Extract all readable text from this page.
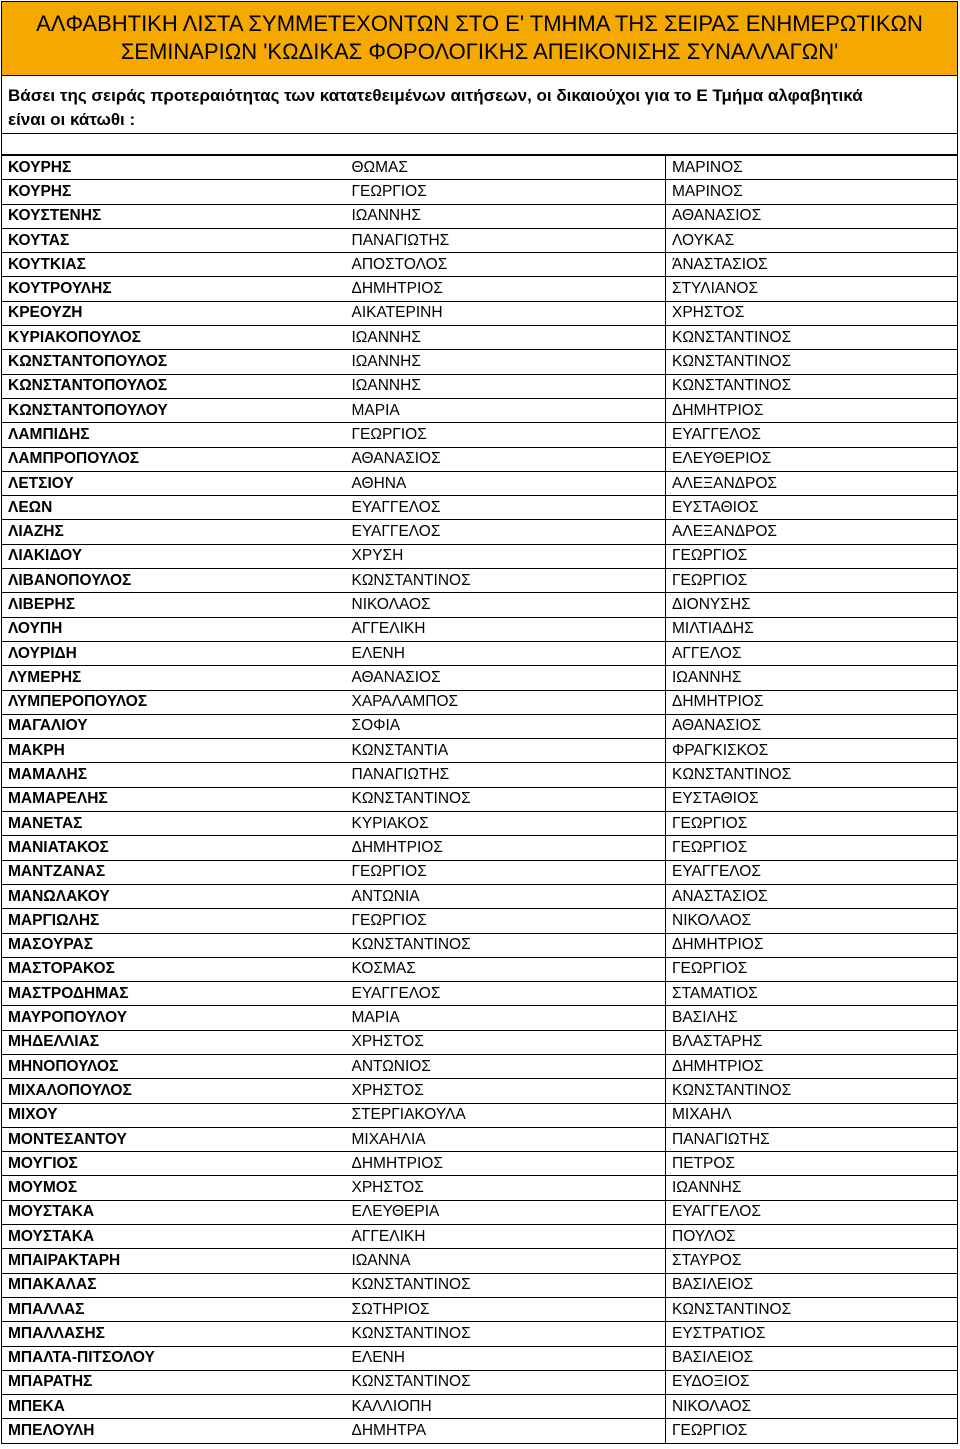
ΑΛΦΑΒΗΤΙΚΗ ΛΙΣΤΑ ΣΥΜΜΕΤΕΧΟΝΤΩΝ ΣΤΟ Ε' ΤΜΗΜΑ ΤΗΣ ΣΕΙΡΑΣ ΕΝΗΜΕΡΩΤΙΚΩΝ
ΣΕΜΙΝΑΡΙΩΝ 'ΚΩΔΙΚΑΣ ΦΟΡΟΛΟΓΙΚΗΣ ΑΠΕΙΚΟΝΙΣΗΣ ΣΥΝΑΛΛΑΓΩΝ'
Βάσει της σειράς προτεραιότητας των κατατεθειμένων αιτήσεων, οι δικαιούχοι για το Ε Τμήμα αλφαβητικά
είναι οι κάτωθι :
ΚΟΥΡΗΣ	ΘΩΜΑΣ	ΜΑΡΙΝΟΣ
ΚΟΥΡΗΣ	ΓΕΩΡΓΙΟΣ	ΜΑΡΙΝΟΣ
ΚΟΥΣΤΕΝΗΣ	ΙΩΑΝΝΗΣ	ΑΘΑΝΑΣΙΟΣ
ΚΟΥΤΑΣ	ΠΑΝΑΓΙΩΤΗΣ	ΛΟΥΚΑΣ
ΚΟΥΤΚΙΑΣ	ΑΠΟΣΤΟΛΟΣ	ΆΝΑΣΤΑΣΙΟΣ
ΚΟΥΤΡΟΥΛΗΣ	ΔΗΜΗΤΡΙΟΣ	ΣΤΥΛΙΑΝΟΣ
ΚΡΕΟΥΖΗ	ΑΙΚΑΤΕΡΙΝΗ	ΧΡΗΣΤΟΣ
ΚΥΡΙΑΚΟΠΟΥΛΟΣ	ΙΩΑΝΝΗΣ	ΚΩΝΣΤΑΝΤΙΝΟΣ
ΚΩΝΣΤΑΝΤΟΠΟΥΛΟΣ	ΙΩΑΝΝΗΣ	ΚΩΝΣΤΑΝΤΙΝΟΣ
ΚΩΝΣΤΑΝΤΟΠΟΥΛΟΣ	ΙΩΑΝΝΗΣ	ΚΩΝΣΤΑΝΤΙΝΟΣ
ΚΩΝΣΤΑΝΤΟΠΟΥΛΟΥ	ΜΑΡΙΑ	ΔΗΜΗΤΡΙΟΣ
ΛΑΜΠΙΔΗΣ	ΓΕΩΡΓΙΟΣ	ΕΥΑΓΓΕΛΟΣ
ΛΑΜΠΡΟΠΟΥΛΟΣ	ΑΘΑΝΑΣΙΟΣ	ΕΛΕΥΘΕΡΙΟΣ
ΛΕΤΣΙΟΥ	ΑΘΗΝΑ	ΑΛΕΞΑΝΔΡΟΣ
ΛΕΩΝ	ΕΥΑΓΓΕΛΟΣ	ΕΥΣΤΑΘΙΟΣ
ΛΙΑΖΗΣ	ΕΥΑΓΓΕΛΟΣ	ΑΛΕΞΑΝΔΡΟΣ
ΛΙΑΚΙΔΟΥ	ΧΡΥΣΗ	ΓΕΩΡΓΙΟΣ
ΛΙΒΑΝΟΠΟΥΛΟΣ	ΚΩΝΣΤΑΝΤΙΝΟΣ	ΓΕΩΡΓΙΟΣ
ΛΙΒΕΡΗΣ	ΝΙΚΟΛΑΟΣ	ΔΙΟΝΥΣΗΣ
ΛΟΥΠΗ	ΑΓΓΕΛΙΚΗ	ΜΙΛΤΙΑΔΗΣ
ΛΟΥΡΙΔΗ	ΕΛΕΝΗ	ΑΓΓΕΛΟΣ
ΛΥΜΕΡΗΣ	ΑΘΑΝΑΣΙΟΣ	ΙΩΑΝΝΗΣ
ΛΥΜΠΕΡΟΠΟΥΛΟΣ	ΧΑΡΑΛΑΜΠΟΣ	ΔΗΜΗΤΡΙΟΣ
ΜΑΓΑΛΙΟΥ	ΣΟΦΙΑ	ΑΘΑΝΑΣΙΟΣ
ΜΑΚΡΗ	ΚΩΝΣΤΑΝΤΙΑ	ΦΡΑΓΚΙΣΚΟΣ
ΜΑΜΑΛΗΣ	ΠΑΝΑΓΙΩΤΗΣ	ΚΩΝΣΤΑΝΤΙΝΟΣ
ΜΑΜΑΡΕΛΗΣ	ΚΩΝΣΤΑΝΤΙΝΟΣ	ΕΥΣΤΑΘΙΟΣ
ΜΑΝΕΤΑΣ	ΚΥΡΙΑΚΟΣ	ΓΕΩΡΓΙΟΣ
ΜΑΝΙΑΤΑΚΟΣ	ΔΗΜΗΤΡΙΟΣ	ΓΕΩΡΓΙΟΣ
ΜΑΝΤΖΑΝΑΣ	ΓΕΩΡΓΙΟΣ	ΕΥΑΓΓΕΛΟΣ
ΜΑΝΩΛΑΚΟΥ	ΑΝΤΩΝΙΑ	ΑΝΑΣΤΑΣΙΟΣ
ΜΑΡΓΙΩΛΗΣ	ΓΕΩΡΓΙΟΣ	ΝΙΚΟΛΑΟΣ
ΜΑΣΟΥΡΑΣ	ΚΩΝΣΤΑΝΤΙΝΟΣ	ΔΗΜΗΤΡΙΟΣ
ΜΑΣΤΟΡΑΚΟΣ	ΚΟΣΜΑΣ	ΓΕΩΡΓΙΟΣ
ΜΑΣΤΡΟΔΗΜΑΣ	ΕΥΑΓΓΕΛΟΣ	ΣΤΑΜΑΤΙΟΣ
ΜΑΥΡΟΠΟΥΛΟΥ	ΜΑΡΙΑ	ΒΑΣΙΛΗΣ
ΜΗΔΕΛΛΙΑΣ	ΧΡΗΣΤΟΣ	ΒΛΑΣΤΑΡΗΣ
ΜΗΝΟΠΟΥΛΟΣ	ΑΝΤΩΝΙΟΣ	ΔΗΜΗΤΡΙΟΣ
ΜΙΧΑΛΟΠΟΥΛΟΣ	ΧΡΗΣΤΟΣ	ΚΩΝΣΤΑΝΤΙΝΟΣ
ΜΙΧΟΥ	ΣΤΕΡΓΙΑΚΟΥΛΑ	ΜΙΧΑΗΛ
ΜΟΝΤΕΣΑΝΤΟΥ	ΜΙΧΑΗΛΙΑ	ΠΑΝΑΓΙΩΤΗΣ
ΜΟΥΓΙΟΣ	ΔΗΜΗΤΡΙΟΣ	ΠΕΤΡΟΣ
ΜΟΥΜΟΣ	ΧΡΗΣΤΟΣ	ΙΩΑΝΝΗΣ
ΜΟΥΣΤΑΚΑ	ΕΛΕΥΘΕΡΙΑ	ΕΥΑΓΓΕΛΟΣ
ΜΟΥΣΤΑΚΑ	ΑΓΓΕΛΙΚΗ	ΠΟΥΛΟΣ
ΜΠΑΙΡΑΚΤΑΡΗ	ΙΩΑΝΝΑ	ΣΤΑΥΡΟΣ
ΜΠΑΚΑΛΑΣ	ΚΩΝΣΤΑΝΤΙΝΟΣ	ΒΑΣΙΛΕΙΟΣ
ΜΠΑΛΛΑΣ	ΣΩΤΗΡΙΟΣ	ΚΩΝΣΤΑΝΤΙΝΟΣ
ΜΠΑΛΛΑΣΗΣ	ΚΩΝΣΤΑΝΤΙΝΟΣ	ΕΥΣΤΡΑΤΙΟΣ
ΜΠΑΛΤΑ-ΠΙΤΣΟΛΟΥ	ΕΛΕΝΗ	ΒΑΣΙΛΕΙΟΣ
ΜΠΑΡΑΤΗΣ	ΚΩΝΣΤΑΝΤΙΝΟΣ	ΕΥΔΟΞΙΟΣ
ΜΠΕΚΑ	ΚΑΛΛΙΟΠΗ	ΝΙΚΟΛΑΟΣ
ΜΠΕΛΟΥΛΗ	ΔΗΜΗΤΡΑ	ΓΕΩΡΓΙΟΣ
